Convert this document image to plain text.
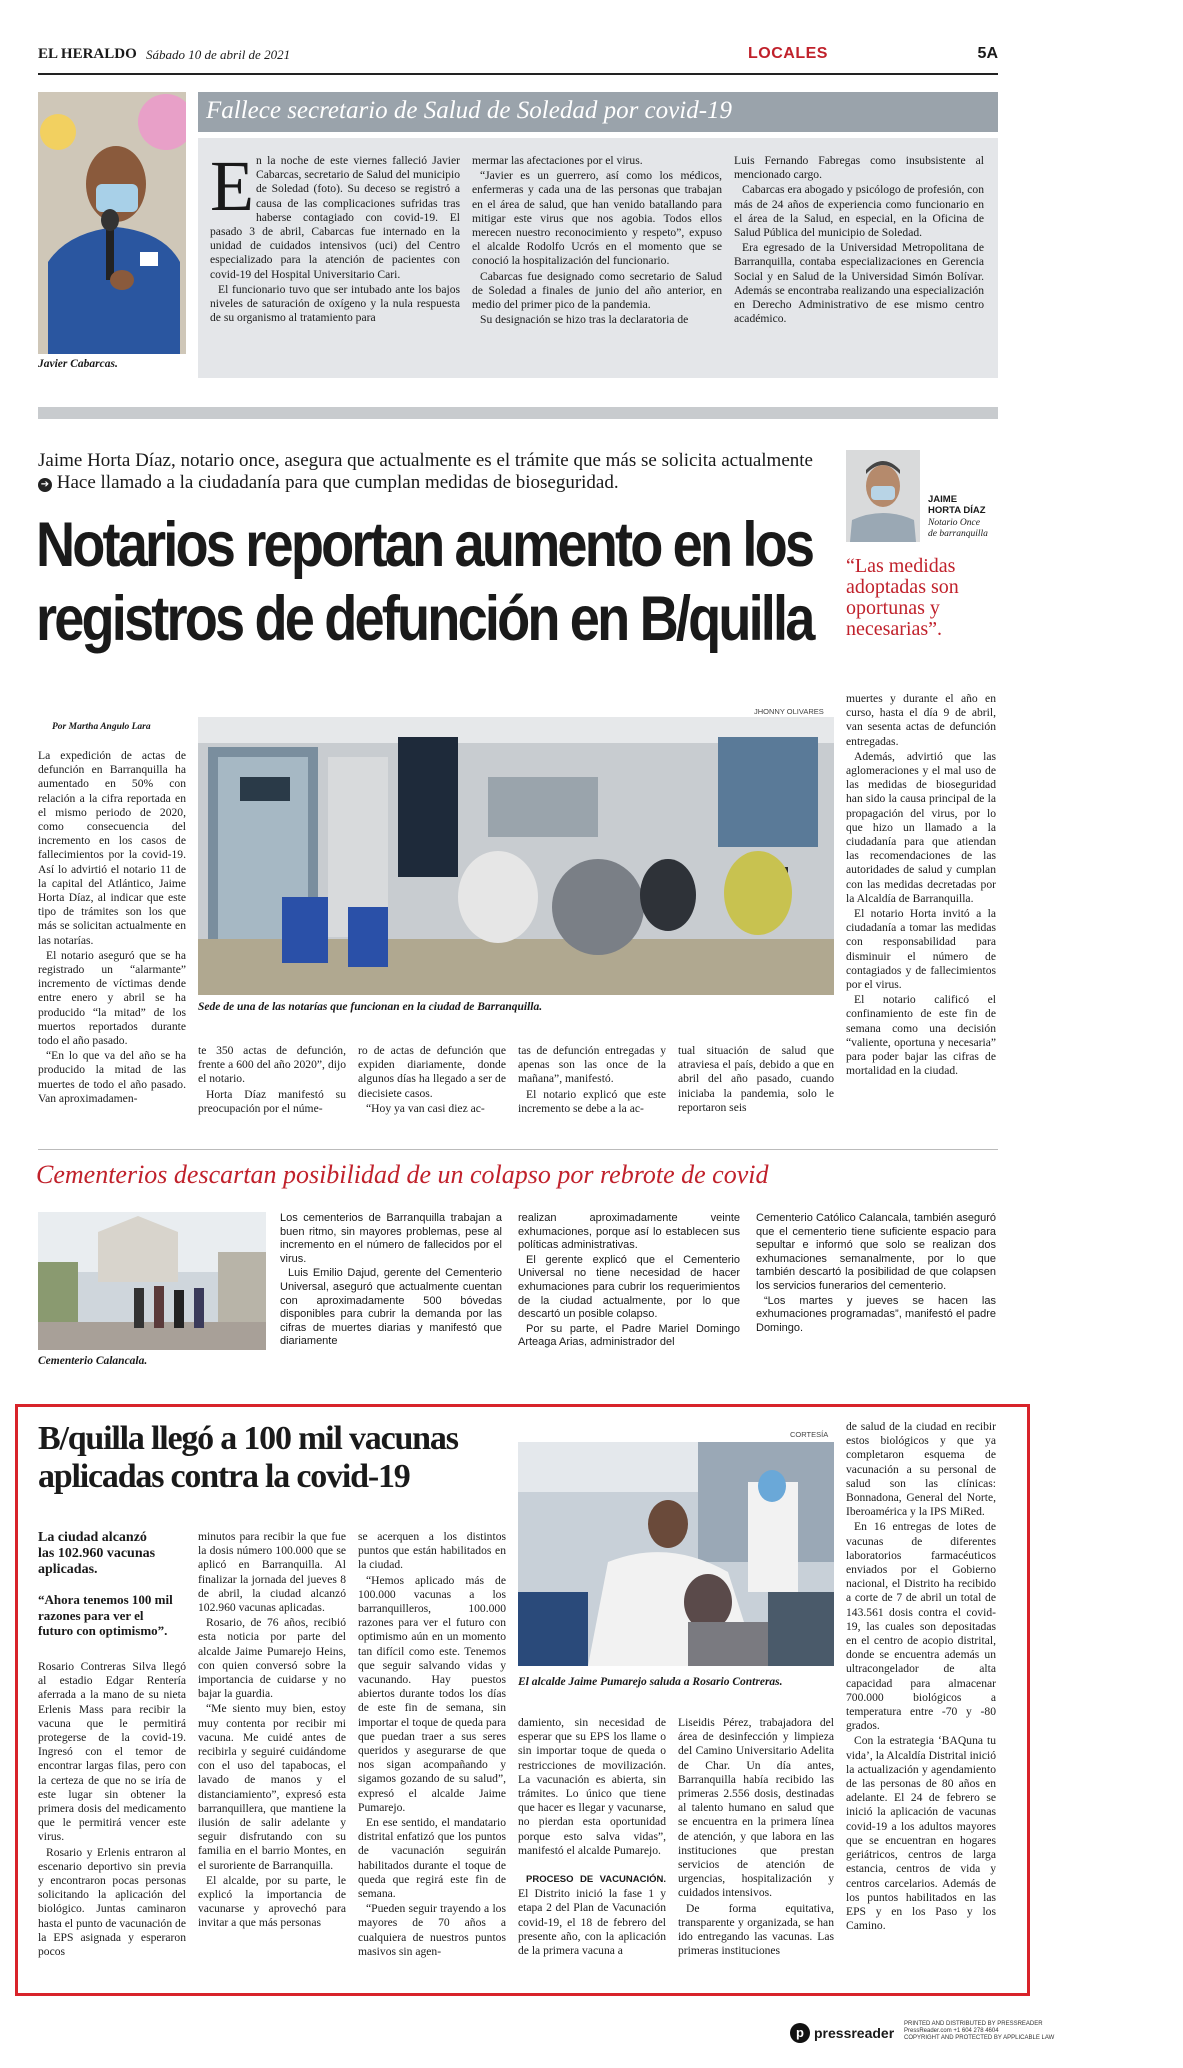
EL HERALDO Sábado 10 de abril de 2021	LOCALES	5A
Javier Cabarcas.
Fallece secretario de Salud de Soledad por covid-19
E n la noche de este viernes falleció Javier Cabarcas, secretario de Salud del municipio de Soledad (foto). Su deceso se registró a causa de las complicaciones sufridas tras haberse contagiado con covid-19. El pasado 3 de abril, Cabarcas fue internado en la unidad de cuidados intensivos (uci) del Centro especializado para la atención de pacientes con covid-19 del Hospital Universitario Cari.

El funcionario tuvo que ser intubado ante los bajos niveles de saturación de oxígeno y la nula respuesta de su organismo al tratamiento para

mermar las afectaciones por el virus.

“Javier es un guerrero, así como los médicos, enfermeras y cada una de las personas que trabajan en el área de salud, que han venido batallando para mitigar este virus que nos agobia. Todos ellos merecen nuestro reconocimiento y respeto”, expuso el alcalde Rodolfo Ucrós en el momento que se conoció la hospitalización del funcionario.

Cabarcas fue designado como secretario de Salud de Soledad a finales de junio del año anterior, en medio del primer pico de la pandemia.

Su designación se hizo tras la declaratoria de

Luis Fernando Fabregas como insubsistente al mencionado cargo.

Cabarcas era abogado y psicólogo de profesión, con más de 24 años de experiencia como funcionario en el área de la Salud, en especial, en la Oficina de Salud Pública del municipio de Soledad.

Era egresado de la Universidad Metropolitana de Barranquilla, contaba especializaciones en Gerencia Social y en Salud de la Universidad Simón Bolívar. Además se encontraba realizando una especialización en Derecho Administrativo de ese mismo centro académico.

Jaime Horta Díaz, notario once, asegura que actualmente es el trámite que más se solicita actualmente ➔ Hace llamado a la ciudadanía para que cumplan medidas de bioseguridad.
Notarios reportan aumento en los
registros de defunción en B/quilla
JAIME
HORTA DÍAZ
Notario Once
de barranquilla
“Las medidas adoptadas son oportunas y necesarias”.
Por Martha Angulo Lara
JHONNY OLIVARES
Sede de una de las notarías que funcionan en la ciudad de Barranquilla.

La expedición de actas de defunción en Barranquilla ha aumentado en 50% con relación a la cifra reportada en el mismo periodo de 2020, como consecuencia del incremento en los casos de fallecimientos por la covid-19. Así lo advirtió el notario 11 de la capital del Atlántico, Jaime Horta Díaz, al indicar que este tipo de trámites son los que más se solicitan actualmente en las notarías.

El notario aseguró que se ha registrado un “alarmante” incremento de víctimas dende entre enero y abril se ha producido “la mitad” de los muertos reportados durante todo el año pasado.

“En lo que va del año se ha producido la mitad de las muertes de todo el año pasado. Van aproximadamen-

te 350 actas de defunción, frente a 600 del año 2020”, dijo el notario.

Horta Díaz manifestó su preocupación por el núme-

ro de actas de defunción que expiden diariamente, donde algunos días ha llegado a ser de diecisiete casos.

“Hoy ya van casi diez ac-

tas de defunción entregadas y apenas son las once de la mañana”, manifestó.

El notario explicó que este incremento se debe a la ac-

tual situación de salud que atraviesa el país, debido a que en abril del año pasado, cuando iniciaba la pandemia, solo le reportaron seis

muertes y durante el año en curso, hasta el día 9 de abril, van sesenta actas de defunción entregadas.

Además, advirtió que las aglomeraciones y el mal uso de las medidas de bioseguridad han sido la causa principal de la propagación del virus, por lo que hizo un llamado a la ciudadanía para que atiendan las recomendaciones de las autoridades de salud y cumplan con las medidas decretadas por la Alcaldía de Barranquilla.

El notario Horta invitó a la ciudadanía a tomar las medidas con responsabilidad para disminuir el número de contagiados y de fallecimientos por el virus.

El notario calificó el confinamiento de este fin de semana como una decisión “valiente, oportuna y necesaria” para poder bajar las cifras de mortalidad en la ciudad.

Cementerios descartan posibilidad de un colapso por rebrote de covid
Cementerio Calancala.

Los cementerios de Barranquilla trabajan a buen ritmo, sin mayores problemas, pese al incremento en el número de fallecidos por el virus.

Luis Emilio Dajud, gerente del Cementerio Universal, aseguró que actualmente cuentan con aproximadamente 500 bóvedas disponibles para cubrir la demanda por las cifras de muertes diarias y manifestó que diariamente

realizan aproximadamente veinte exhumaciones, porque así lo establecen sus políticas administrativas.

El gerente explicó que el Cementerio Universal no tiene necesidad de hacer exhumaciones para cubrir los requerimientos de la ciudad actualmente, por lo que descartó un posible colapso.

Por su parte, el Padre Mariel Domingo Arteaga Arias, administrador del

Cementerio Católico Calancala, también aseguró que el cementerio tiene suficiente espacio para sepultar e informó que solo se realizan dos exhumaciones semanalmente, por lo que también descartó la posibilidad de que colapsen los servicios funerarios del cementerio.

“Los martes y jueves se hacen las exhumaciones programadas”, manifestó el padre Domingo.

B/quilla llegó a 100 mil vacunas
aplicadas contra la covid-19
La ciudad alcanzó las 102.960 vacunas aplicadas.
“Ahora tenemos 100 mil razones para ver el futuro con optimismo”.

Rosario Contreras Silva llegó al estadio Edgar Rentería aferrada a la mano de su nieta Erlenis Mass para recibir la vacuna que le permitirá protegerse de la covid-19. Ingresó con el temor de encontrar largas filas, pero con la certeza de que no se iría de este lugar sin obtener la primera dosis del medicamento que le permitirá vencer este virus.

Rosario y Erlenis entraron al escenario deportivo sin previa y encontraron pocas personas solicitando la aplicación del biológico. Juntas caminaron hasta el punto de vacunación de la EPS asignada y esperaron pocos

minutos para recibir la que fue la dosis número 100.000 que se aplicó en Barranquilla. Al finalizar la jornada del jueves 8 de abril, la ciudad alcanzó 102.960 vacunas aplicadas.

Rosario, de 76 años, recibió esta noticia por parte del alcalde Jaime Pumarejo Heins, con quien conversó sobre la importancia de cuidarse y no bajar la guardia.

“Me siento muy bien, estoy muy contenta por recibir mi vacuna. Me cuidé antes de recibirla y seguiré cuidándome con el uso del tapabocas, el lavado de manos y el distanciamiento”, expresó esta barranquillera, que mantiene la ilusión de salir adelante y seguir disfrutando con su familia en el barrio Montes, en el suroriente de Barranquilla.

El alcalde, por su parte, le explicó la importancia de vacunarse y aprovechó para invitar a que más personas

se acerquen a los distintos puntos que están habilitados en la ciudad.

“Hemos aplicado más de 100.000 vacunas a los barranquilleros, 100.000 razones para ver el futuro con optimismo aún en un momento tan difícil como este. Tenemos que seguir salvando vidas y vacunando. Hay puestos abiertos durante todos los días de este fin de semana, sin importar el toque de queda para que puedan traer a sus seres queridos y asegurarse de que nos sigan acompañando y sigamos gozando de su salud”, expresó el alcalde Jaime Pumarejo.

En ese sentido, el mandatario distrital enfatizó que los puntos de vacunación seguirán habilitados durante el toque de queda que regirá este fin de semana.

“Pueden seguir trayendo a los mayores de 70 años a cualquiera de nuestros puntos masivos sin agen-

CORTESÍA
El alcalde Jaime Pumarejo saluda a Rosario Contreras.

damiento, sin necesidad de esperar que su EPS los llame o sin importar toque de queda o restricciones de movilización. La vacunación es abierta, sin trámites. Lo único que tiene que hacer es llegar y vacunarse, no pierdan esta oportunidad porque esto salva vidas”, manifestó el alcalde Pumarejo.

PROCESO DE VACUNACIÓN. El Distrito inició la fase 1 y etapa 2 del Plan de Vacunación covid-19, el 18 de febrero del presente año, con la aplicación de la primera vacuna a

Liseidis Pérez, trabajadora del área de desinfección y limpieza del Camino Universitario Adelita de Char. Un día antes, Barranquilla había recibido las primeras 2.556 dosis, destinadas al talento humano en salud que se encuentra en la primera línea de atención, y que labora en las instituciones que prestan servicios de atención de urgencias, hospitalización y cuidados intensivos.

De forma equitativa, transparente y organizada, se han ido entregando las vacunas. Las primeras instituciones

de salud de la ciudad en recibir estos biológicos y que ya completaron esquema de vacunación a su personal de salud son las clínicas: Bonnadona, General del Norte, Iberoamérica y la IPS MiRed.

En 16 entregas de lotes de vacunas de diferentes laboratorios farmacéuticos enviados por el Gobierno nacional, el Distrito ha recibido a corte de 7 de abril un total de 143.561 dosis contra el covid-19, las cuales son depositadas en el centro de acopio distrital, donde se encuentra además un ultracongelador de alta capacidad para almacenar 700.000 biológicos a temperatura entre -70 y -80 grados.

Con la estrategia ‘BAQuna tu vida’, la Alcaldía Distrital inició la actualización y agendamiento de las personas de 80 años en adelante. El 24 de febrero se inició la aplicación de vacunas covid-19 a los adultos mayores que se encuentran en hogares geriátricos, centros de larga estancia, centros de vida y centros carcelarios. Además de los puntos habilitados en las EPS y en los Paso y los Camino.

p pressreader
PRINTED AND DISTRIBUTED BY PRESSREADER
PressReader.com +1 604 278 4604
COPYRIGHT AND PROTECTED BY APPLICABLE LAW
